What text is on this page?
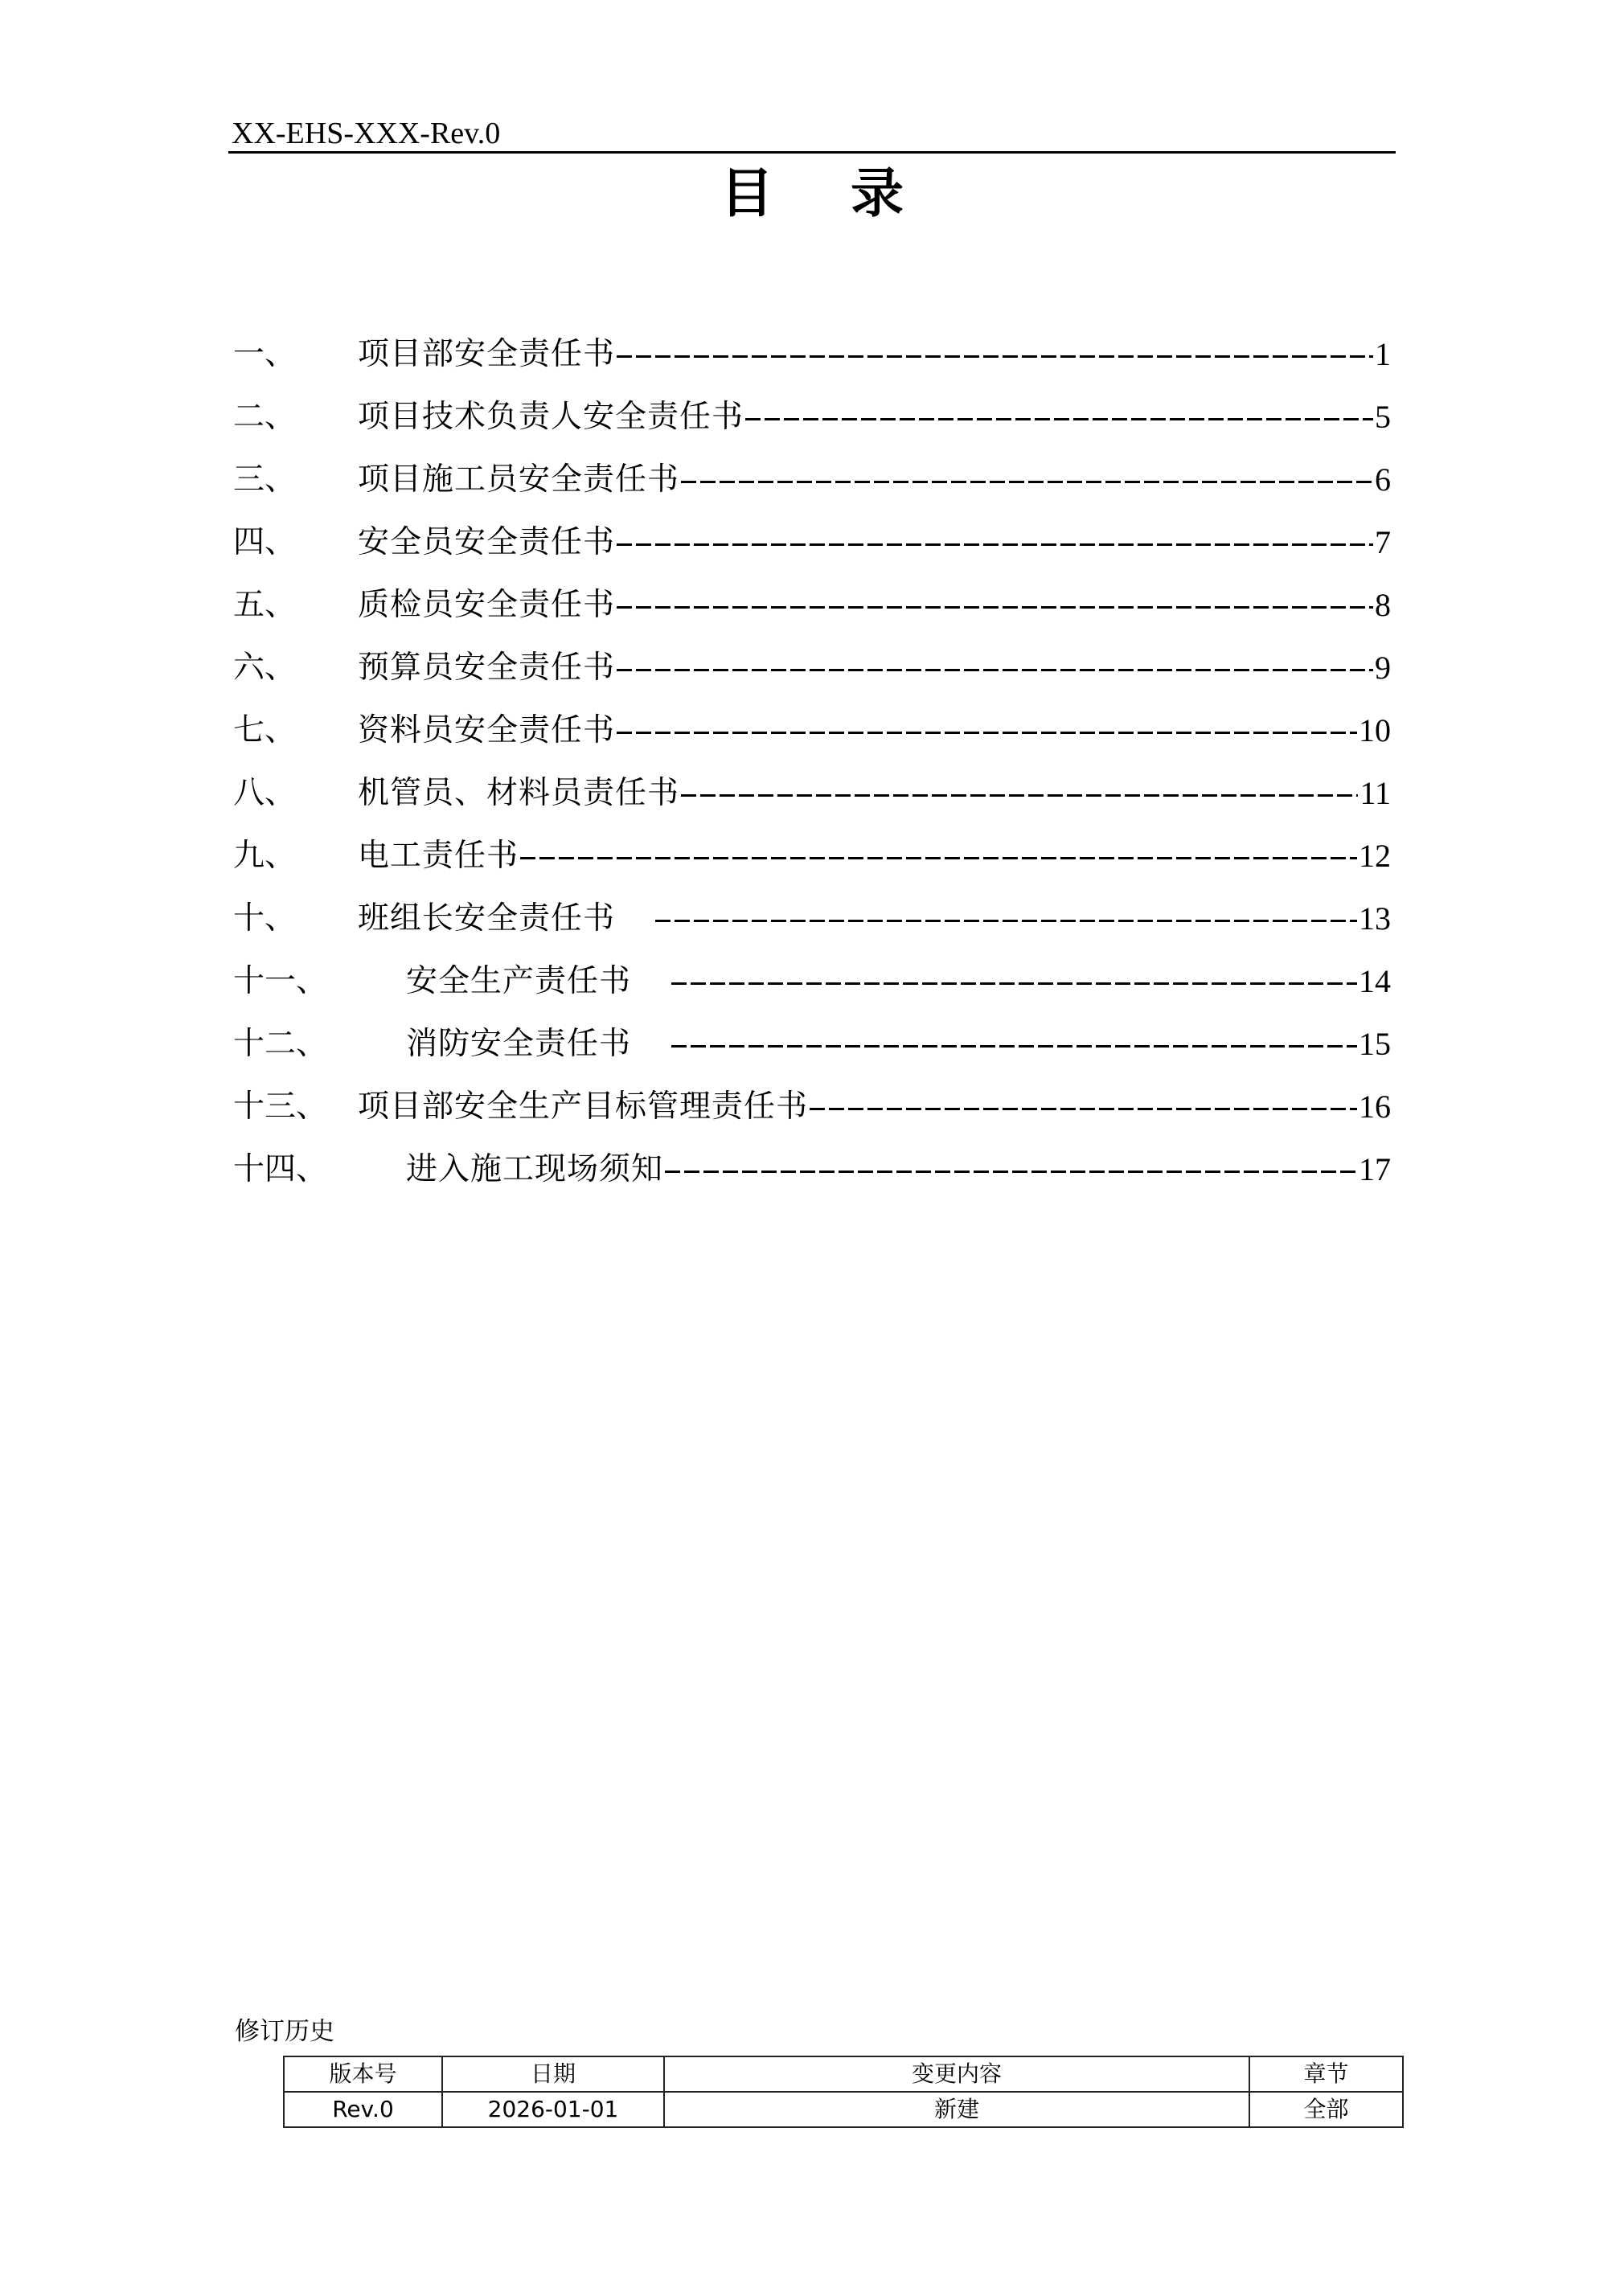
XX-EHS-XXX-Rev.0
目 录
一、	项目部安全责任书	1
二、	项目技术负责人安全责任书	5
三、	项目施工员安全责任书	6
四、	安全员安全责任书	7
五、	质检员安全责任书	8
六、	预算员安全责任书	9
七、	资料员安全责任书	10
八、	机管员、材料员责任书	11
九、	电工责任书	12
十、	班组长安全责任书	13
十一、	安全生产责任书	14
十二、	消防安全责任书	15
十三、 项目部安全生产目标管理责任书	16
十四、	进入施工现场须知	17
修订历史
版本号	日期	变更内容	章节
Rev.0	2026-01-01	新建	全部
